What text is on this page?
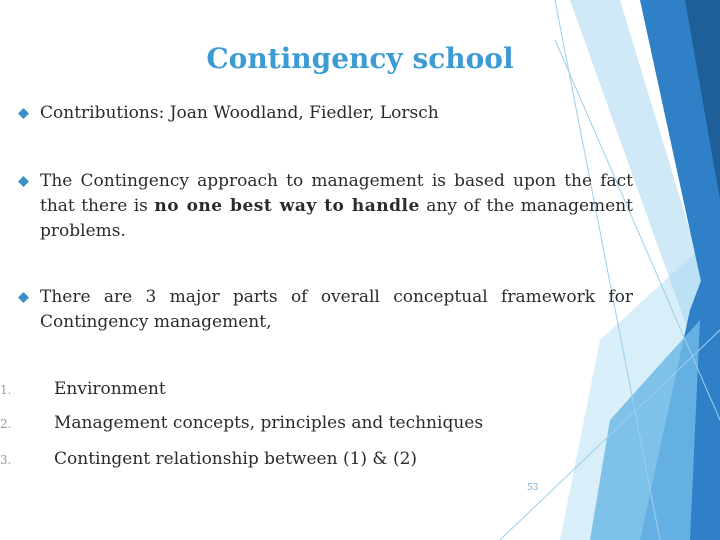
Contingency school
Contributions: Joan Woodland, Fiedler, Lorsch
The Contingency approach to management is based upon the fact that there is no one best way to handle any of the management problems.
There are 3 major parts of overall conceptual framework for Contingency management,
1.	Environment
2.	Management concepts, principles and techniques
3.	Contingent relationship between (1) & (2)
53
